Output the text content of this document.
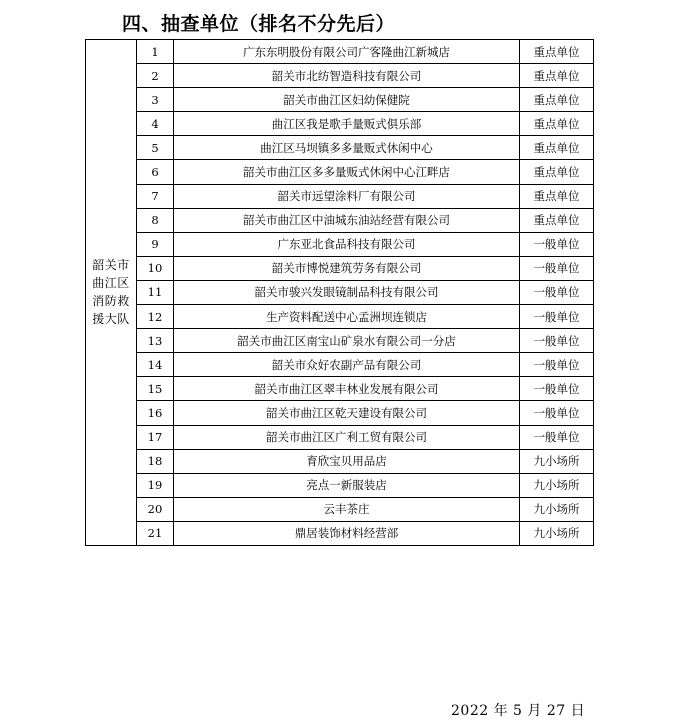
四、抽查单位（排名不分先后）
韶关市曲江区消防救援大队	1	广东东明股份有限公司广客隆曲江新城店	重点单位
	2	韶关市北纺智造科技有限公司	重点单位
	3	韶关市曲江区妇幼保健院	重点单位
	4	曲江区我是歌手量贩式俱乐部	重点单位
	5	曲江区马坝镇多多量贩式休闲中心	重点单位
	6	韶关市曲江区多多量贩式休闲中心江畔店	重点单位
	7	韶关市远望涂料厂有限公司	重点单位
	8	韶关市曲江区中油城东油站经营有限公司	重点单位
	9	广东亚北食品科技有限公司	一般单位
	10	韶关市博悦建筑劳务有限公司	一般单位
	11	韶关市骏兴发眼镜制品科技有限公司	一般单位
	12	生产资料配送中心孟洲坝连锁店	一般单位
	13	韶关市曲江区南宝山矿泉水有限公司一分店	一般单位
	14	韶关市众好农副产品有限公司	一般单位
	15	韶关市曲江区翠丰林业发展有限公司	一般单位
	16	韶关市曲江区乾天建设有限公司	一般单位
	17	韶关市曲江区广利工贸有限公司	一般单位
	18	育欣宝贝用品店	九小场所
	19	亮点一新服装店	九小场所
	20	云丰茶庄	九小场所
	21	鼎居装饰材料经营部	九小场所
2022 年 5 月 27 日
